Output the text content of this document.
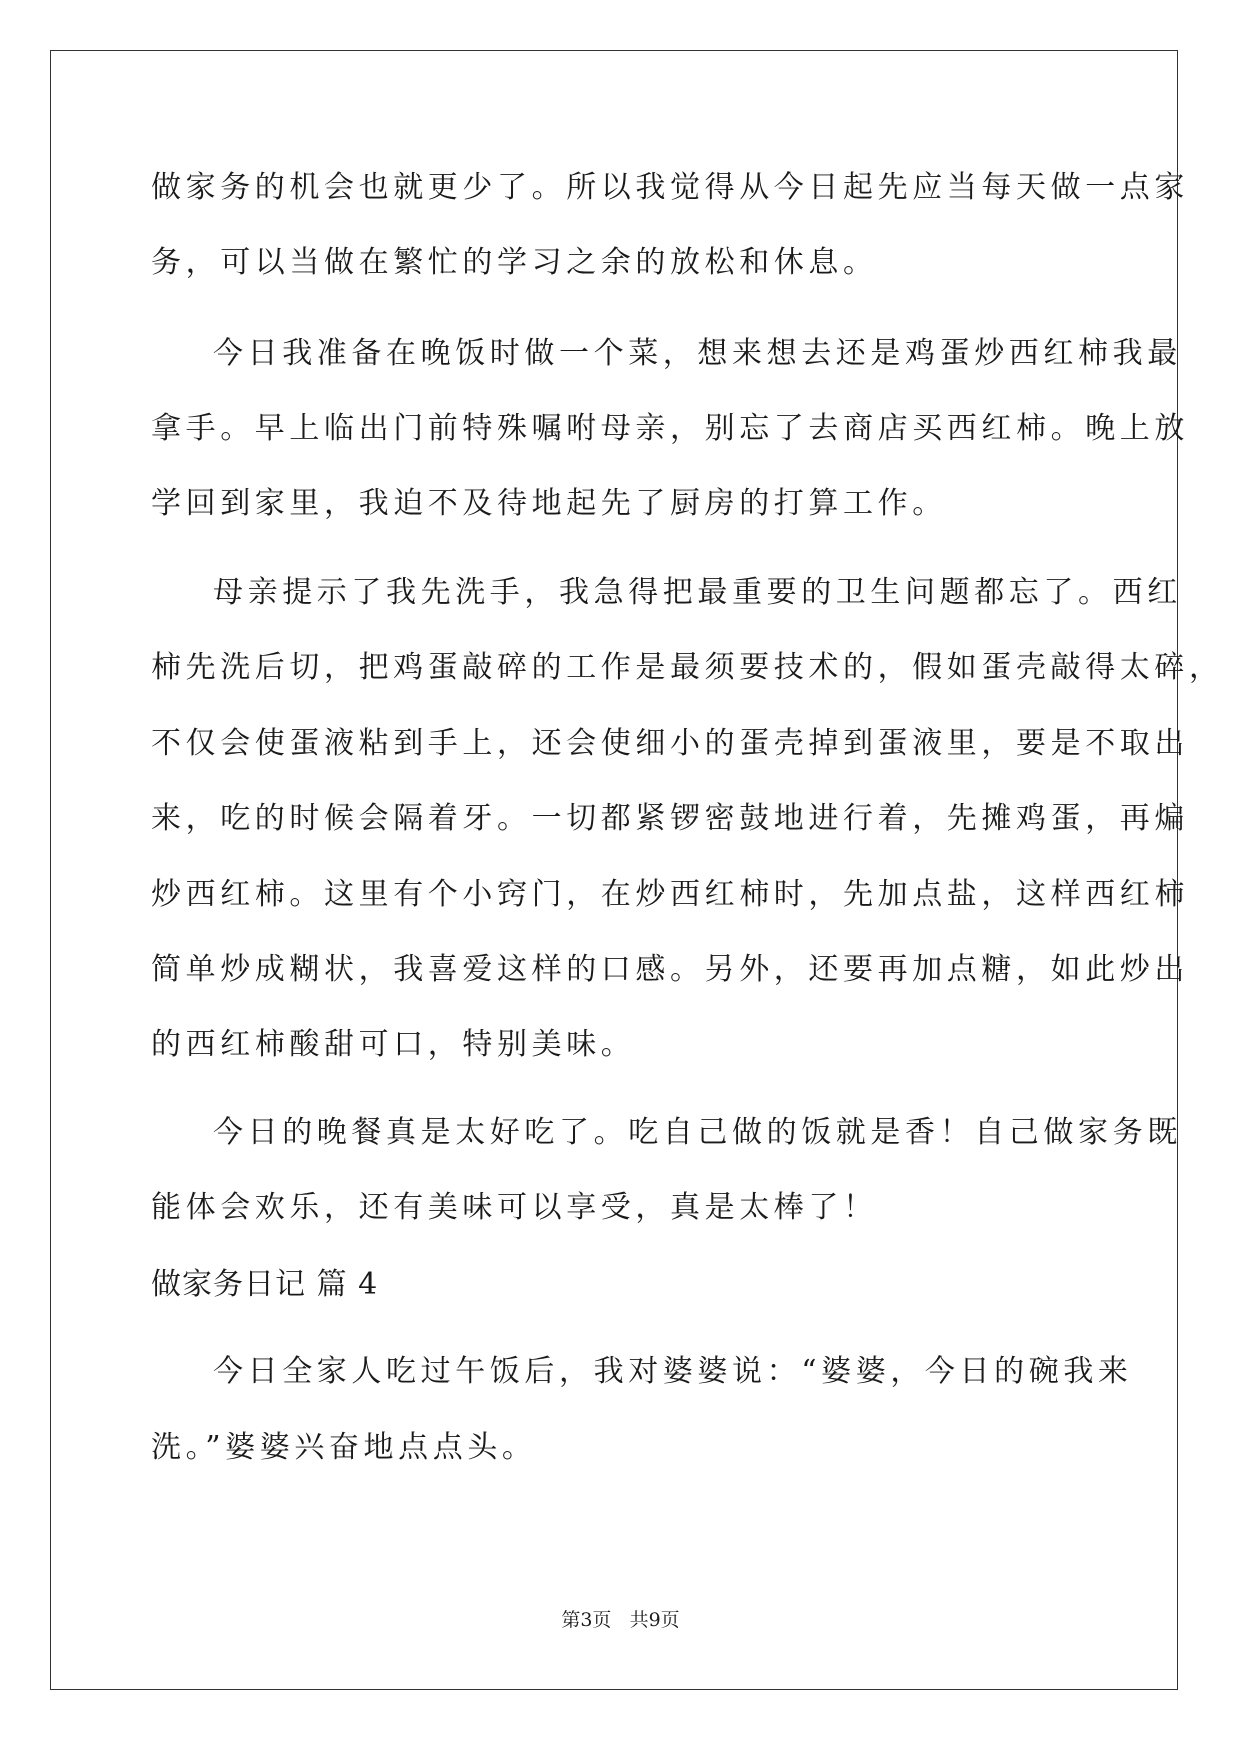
做家务的机会也就更少了。所以我觉得从今日起先应当每天做一点家
务，可以当做在繁忙的学习之余的放松和休息。
今日我准备在晚饭时做一个菜，想来想去还是鸡蛋炒西红柿我最
拿手。早上临出门前特殊嘱咐母亲，别忘了去商店买西红柿。晚上放
学回到家里，我迫不及待地起先了厨房的打算工作。
母亲提示了我先洗手，我急得把最重要的卫生问题都忘了。西红
柿先洗后切，把鸡蛋敲碎的工作是最须要技术的，假如蛋壳敲得太碎，
不仅会使蛋液粘到手上，还会使细小的蛋壳掉到蛋液里，要是不取出
来，吃的时候会隔着牙。一切都紧锣密鼓地进行着，先摊鸡蛋，再煸
炒西红柿。这里有个小窍门，在炒西红柿时，先加点盐，这样西红柿
简单炒成糊状，我喜爱这样的口感。另外，还要再加点糖，如此炒出
的西红柿酸甜可口，特别美味。
今日的晚餐真是太好吃了。吃自己做的饭就是香！自己做家务既
能体会欢乐，还有美味可以享受，真是太棒了！
做家务日记 篇 4
今日全家人吃过午饭后，我对婆婆说：“婆婆，今日的碗我来
洗。”婆婆兴奋地点点头。
第3页 共9页
